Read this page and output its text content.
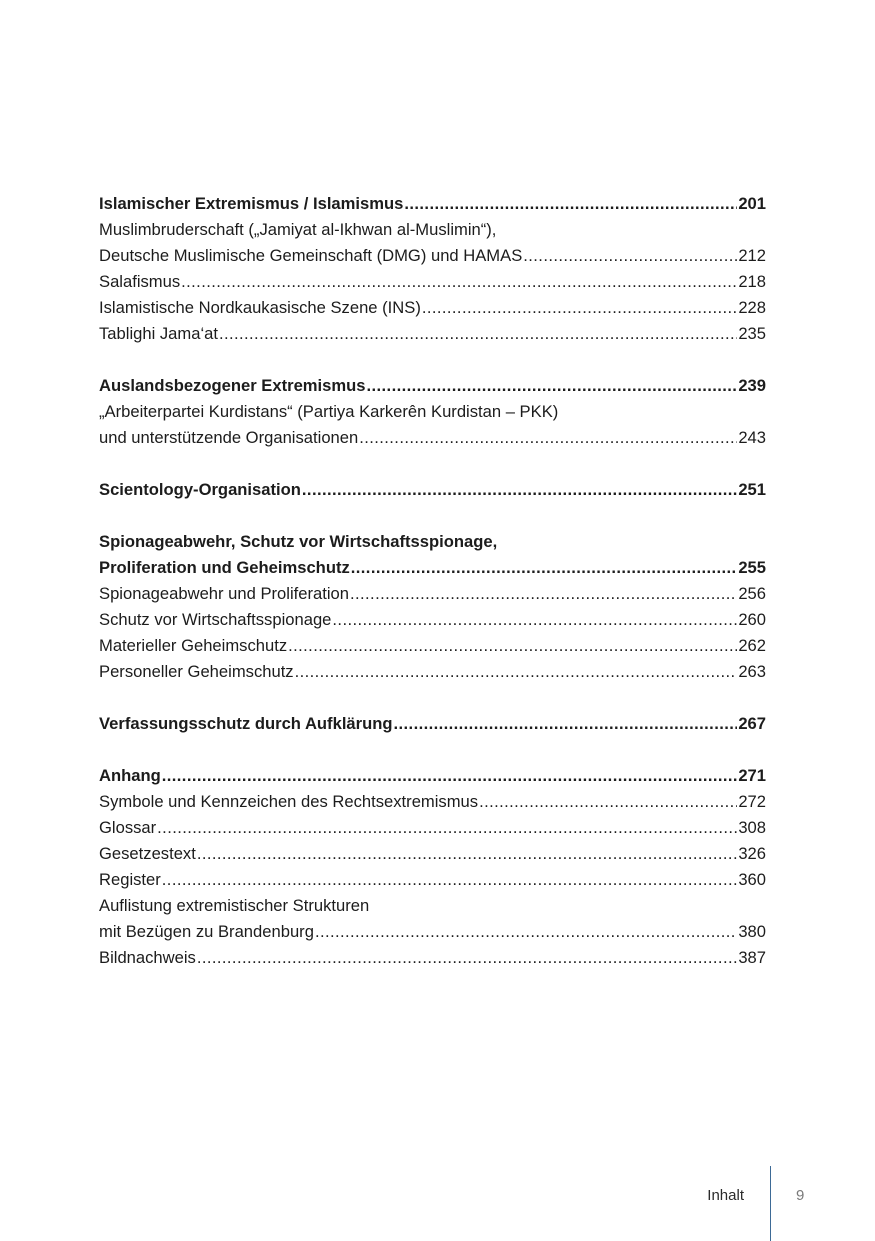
Islamischer Extremismus / Islamismus .....	201
Muslimbruderschaft („Jamiyat al-Ikhwan al-Muslimin“),
Deutsche Muslimische Gemeinschaft (DMG) und HAMAS .....	212
Salafismus .....	218
Islamistische Nordkaukasische Szene (INS) .....	228
Tablighi Jama‘at .....	235
Auslandsbezogener Extremismus .....	239
„Arbeiterpartei Kurdistans“ (Partiya Karkerên Kurdistan – PKK)
und unterstützende Organisationen .....	243
Scientology-Organisation .....	251
Spionageabwehr, Schutz vor Wirtschaftsspionage,
Proliferation und Geheimschutz .....	255
Spionageabwehr und Proliferation .....	256
Schutz vor Wirtschaftsspionage .....	260
Materieller Geheimschutz .....	262
Personeller Geheimschutz .....	263
Verfassungsschutz durch Aufklärung .....	267
Anhang .....	271
Symbole und Kennzeichen des Rechtsextremismus .....	272
Glossar .....	308
Gesetzestext .....	326
Register .....	360
Auflistung extremistischer Strukturen
mit Bezügen zu Brandenburg .....	380
Bildnachweis .....	387
Inhalt	9
